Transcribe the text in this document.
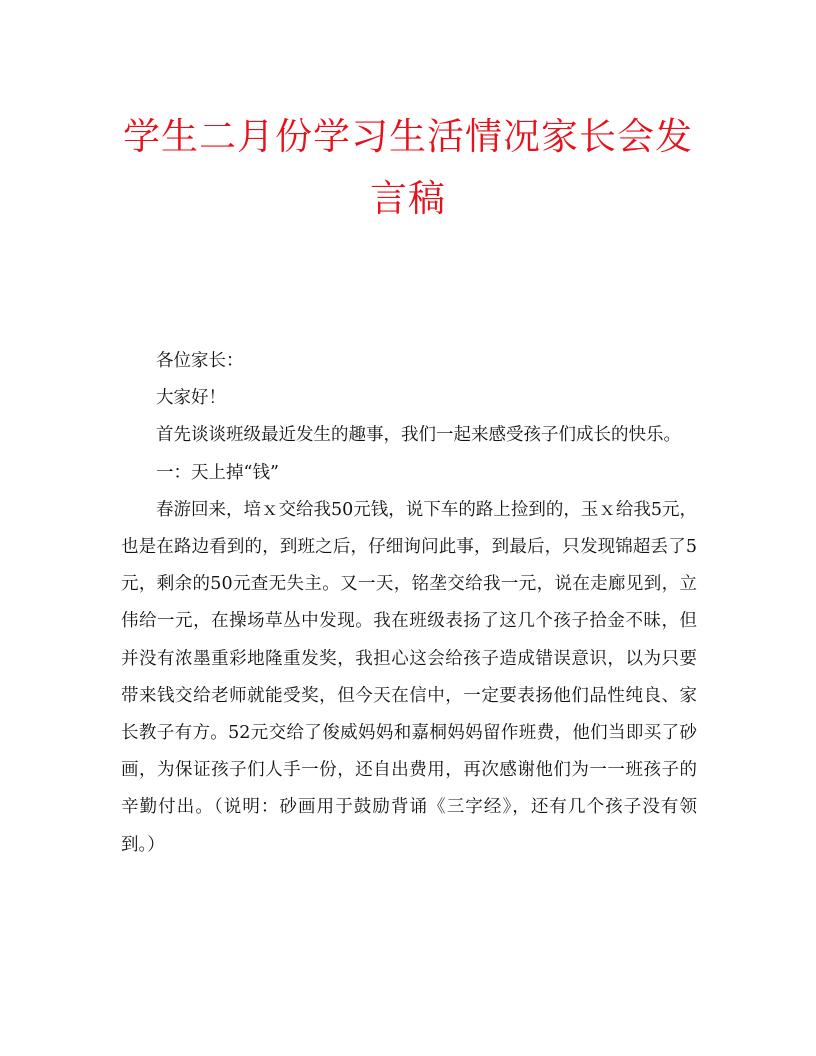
学生二月份学习生活情况家长会发言稿

各位家长：

大家好！

首先谈谈班级最近发生的趣事，我们一起来感受孩子们成长的快乐。

一：天上掉“钱”

春游回来，培ｘ交给我50元钱，说下车的路上捡到的，玉ｘ给我5元，也是在路边看到的，到班之后，仔细询问此事，到最后，只发现锦超丢了5元，剩余的50元查无失主。又一天，铭垄交给我一元，说在走廊见到，立伟给一元，在操场草丛中发现。我在班级表扬了这几个孩子拾金不昧，但并没有浓墨重彩地隆重发奖，我担心这会给孩子造成错误意识，以为只要带来钱交给老师就能受奖，但今天在信中，一定要表扬他们品性纯良、家长教子有方。52元交给了俊威妈妈和嘉桐妈妈留作班费，他们当即买了砂画，为保证孩子们人手一份，还自出费用，再次感谢他们为一一班孩子的辛勤付出。（说明：砂画用于鼓励背诵《三字经》，还有几个孩子没有领到。）
